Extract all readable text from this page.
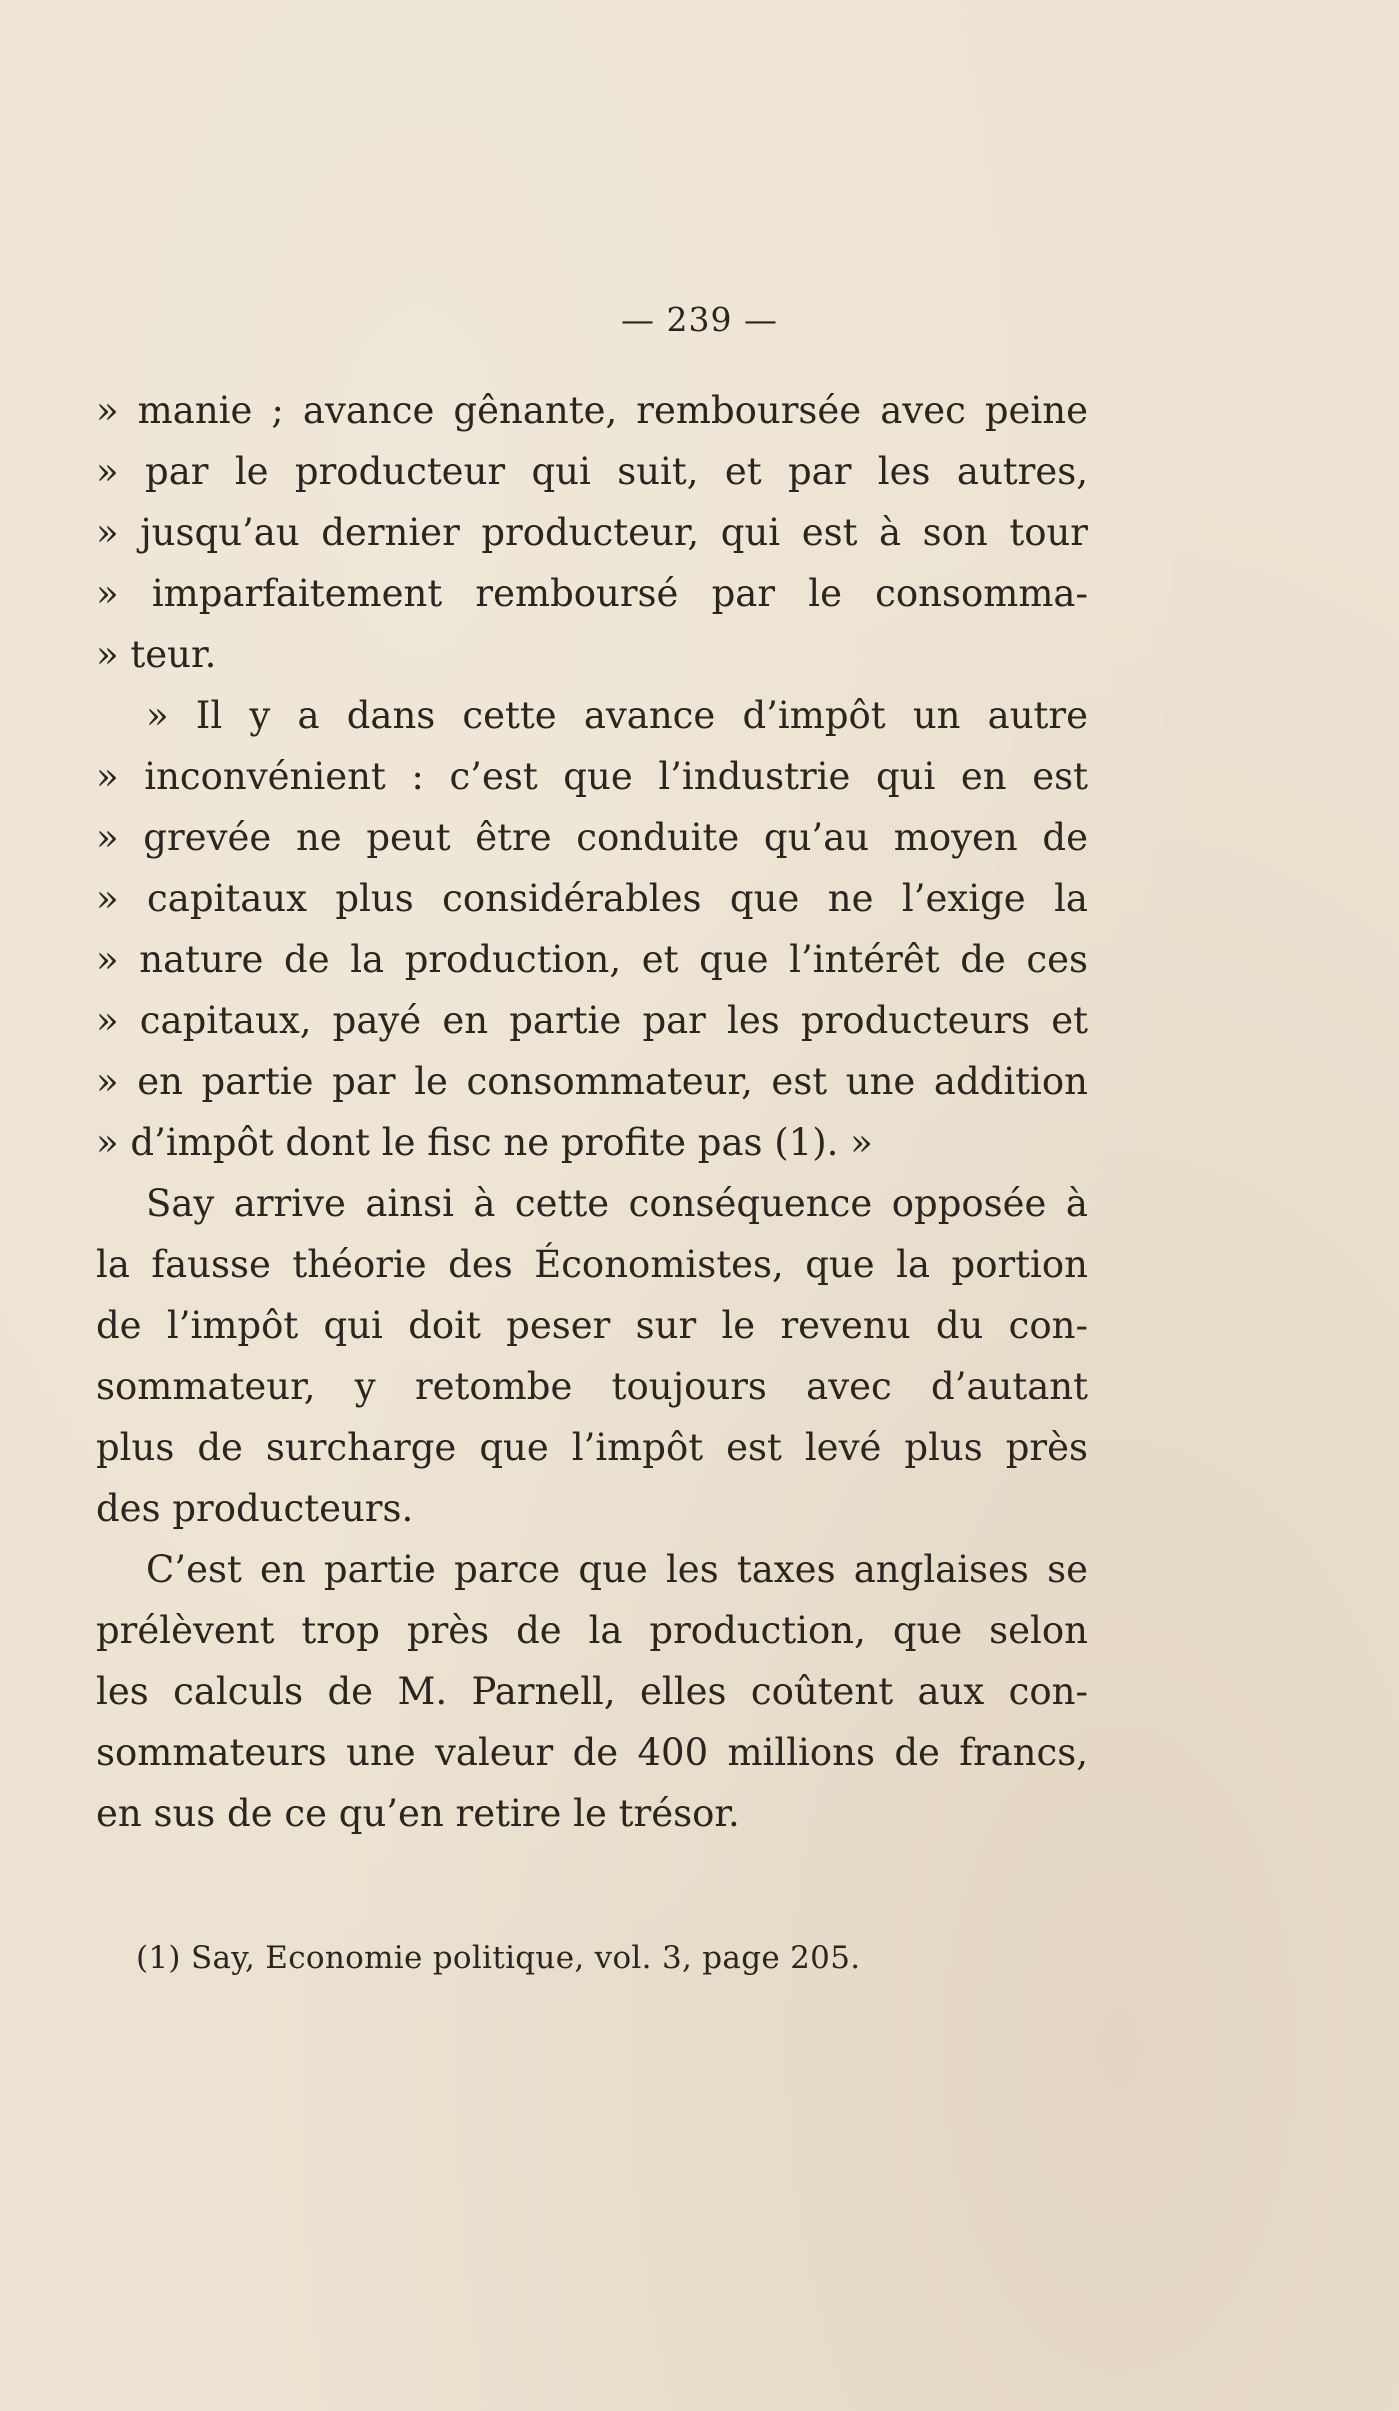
— 239 —
» manie ; avance gênante, remboursée avec peine
» par le producteur qui suit, et par les autres,
» jusqu’au dernier producteur, qui est à son tour
» imparfaitement remboursé par le consomma-
» teur.
» Il y a dans cette avance d’impôt un autre
» inconvénient : c’est que l’industrie qui en est
» grevée ne peut être conduite qu’au moyen de
» capitaux plus considérables que ne l’exige la
» nature de la production, et que l’intérêt de ces
» capitaux, payé en partie par les producteurs et
» en partie par le consommateur, est une addition
» d’impôt dont le fisc ne profite pas (1). »
Say arrive ainsi à cette conséquence opposée à
la fausse théorie des Économistes, que la portion
de l’impôt qui doit peser sur le revenu du con-
sommateur, y retombe toujours avec d’autant
plus de surcharge que l’impôt est levé plus près
des producteurs.
C’est en partie parce que les taxes anglaises se
prélèvent trop près de la production, que selon
les calculs de M. Parnell, elles coûtent aux con-
sommateurs une valeur de 400 millions de francs,
en sus de ce qu’en retire le trésor.
(1) Say, Economie politique, vol. 3, page 205.
